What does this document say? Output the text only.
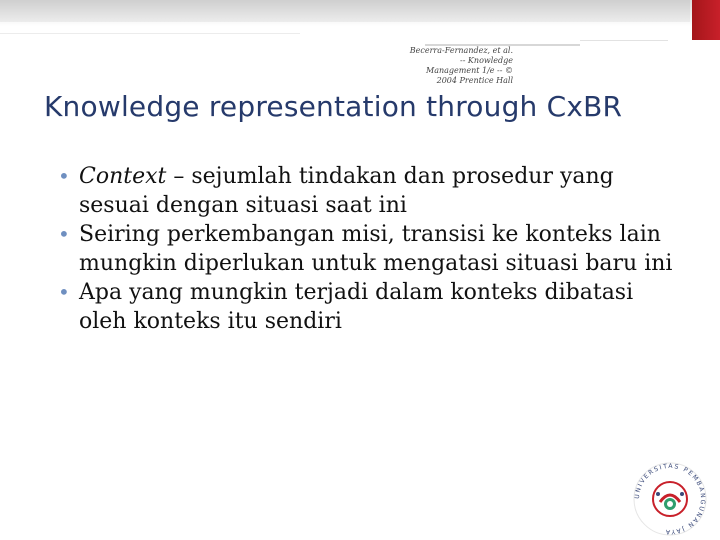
Becerra-Fernandez, et al.
-- Knowledge
Management 1/e -- ©
2004 Prentice Hall
Knowledge representation through CxBR
• Context – sejumlah tindakan dan prosedur yang sesuai dengan situasi saat ini
• Seiring perkembangan misi, transisi ke konteks lain mungkin diperlukan untuk mengatasi situasi baru ini
• Apa yang mungkin terjadi dalam konteks dibatasi oleh konteks itu sendiri
UNIVERSITAS PEMBANGUNAN JAYA
